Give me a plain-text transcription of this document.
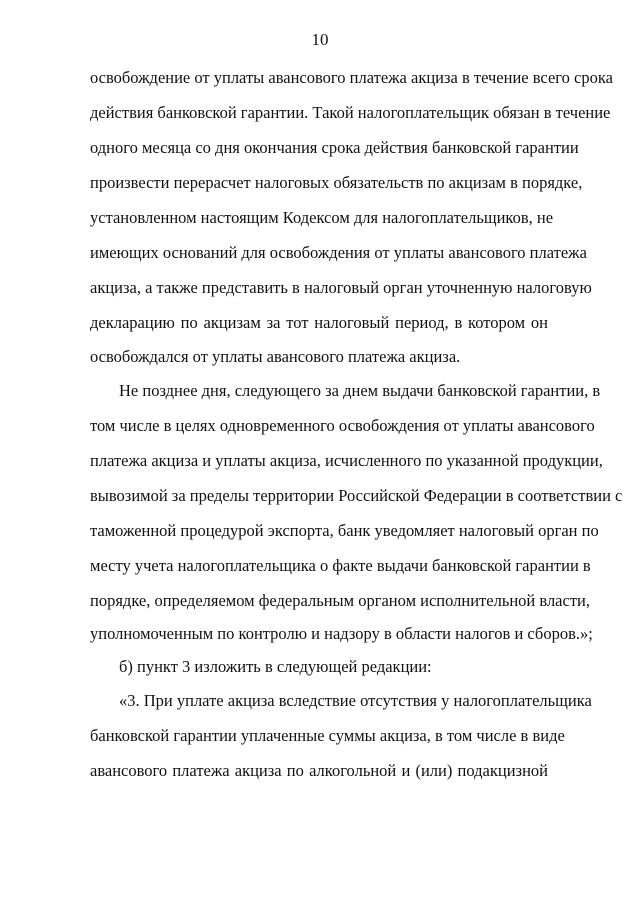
10
освобождение от уплаты авансового платежа акциза в течение всего срока
действия банковской гарантии. Такой налогоплательщик обязан в течение
одного месяца со дня окончания срока действия банковской гарантии
произвести перерасчет налоговых обязательств по акцизам в порядке,
установленном настоящим Кодексом для налогоплательщиков, не
имеющих оснований для освобождения от уплаты авансового платежа
акциза, а также представить в налоговый орган уточненную налоговую
декларацию по акцизам за тот налоговый период, в котором он
освобождался от уплаты авансового платежа акциза.
Не позднее дня, следующего за днем выдачи банковской гарантии, в
том числе в целях одновременного освобождения от уплаты авансового
платежа акциза и уплаты акциза, исчисленного по указанной продукции,
вывозимой за пределы территории Российской Федерации в соответствии с
таможенной процедурой экспорта, банк уведомляет налоговый орган по
месту учета налогоплательщика о факте выдачи банковской гарантии в
порядке, определяемом федеральным органом исполнительной власти,
уполномоченным по контролю и надзору в области налогов и сборов.»;
б) пункт 3 изложить в следующей редакции:
«3. При уплате акциза вследствие отсутствия у налогоплательщика
банковской гарантии уплаченные суммы акциза, в том числе в виде
авансового платежа акциза по алкогольной и (или) подакцизной
